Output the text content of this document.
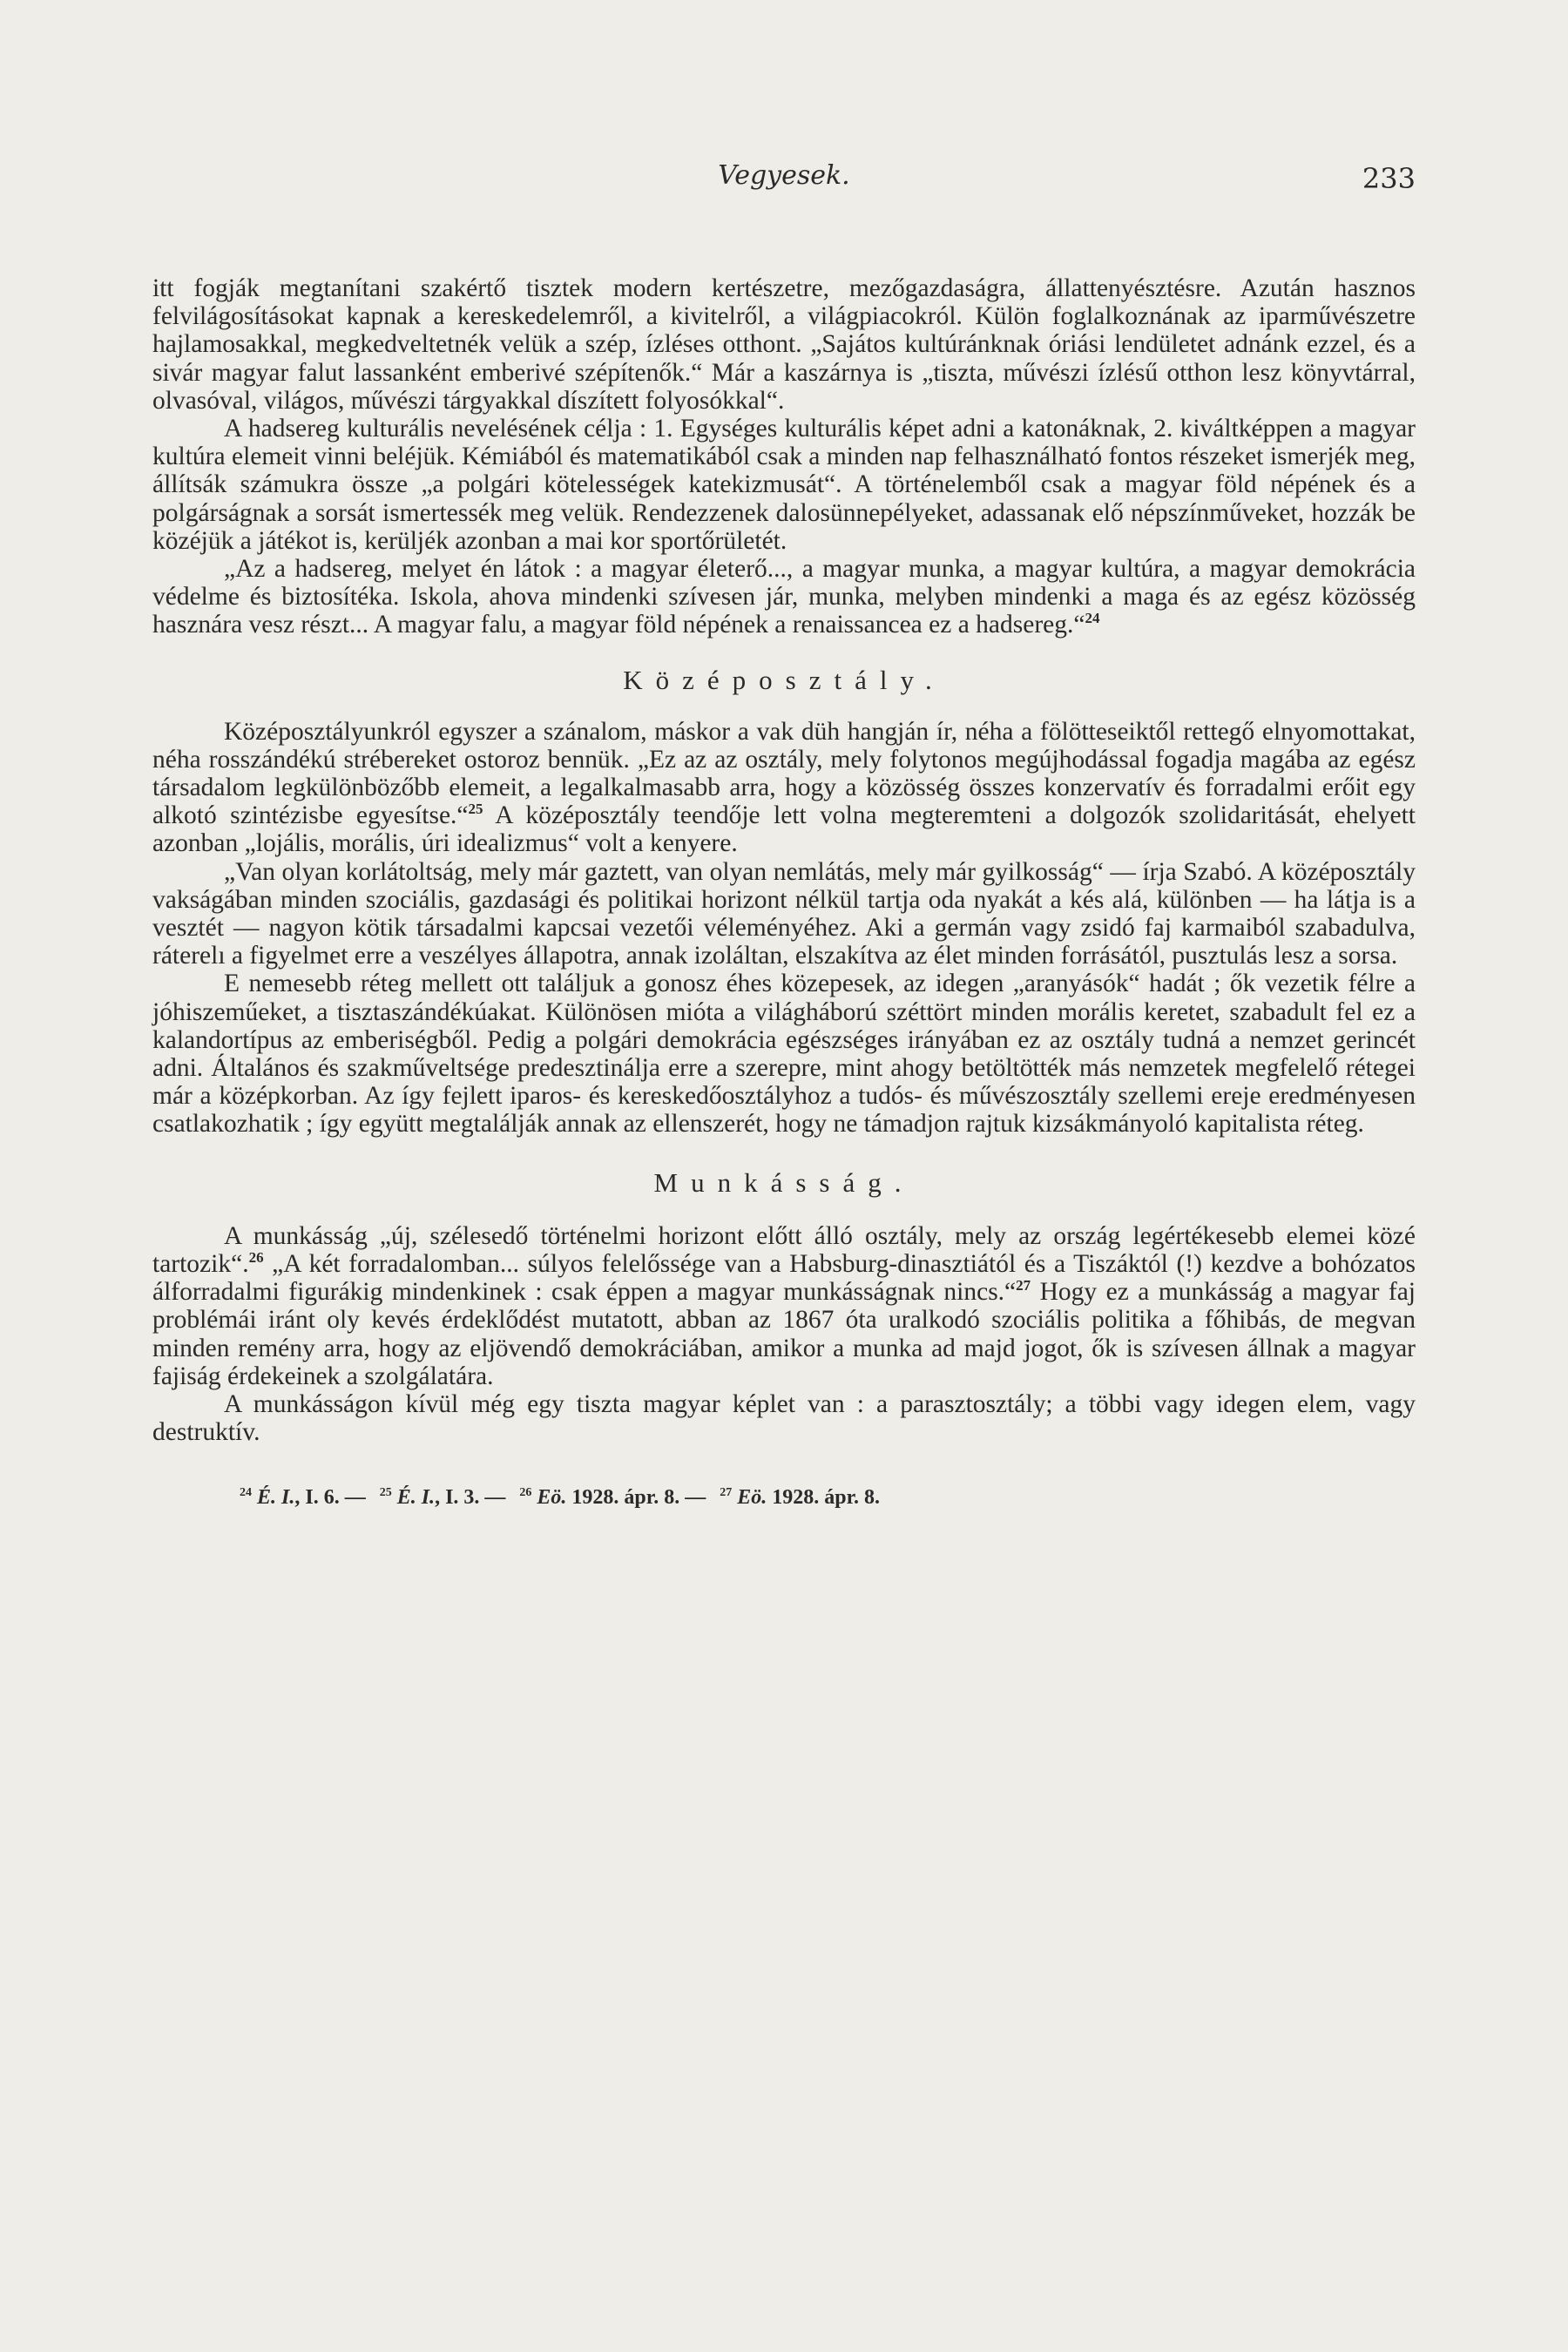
Vegyesek.	233

itt fogják megtanítani szakértő tisztek modern kertészetre, mezőgazdaságra, állattenyésztésre. Azután hasznos felvilágosításokat kapnak a kereskedelemről, a kivitelről, a világpiacokról. Külön foglalkoznának az iparművészetre hajlamosakkal, megkedveltetnék velük a szép, ízléses otthont. „Sajátos kultúránknak óriási lendületet adnánk ezzel, és a sivár magyar falut lassanként emberivé szépítenők.“ Már a kaszárnya is „tiszta, művészi ízlésű otthon lesz könyvtárral, olvasóval, világos, művészi tárgyakkal díszített folyosókkal“.

A hadsereg kulturális nevelésének célja : 1. Egységes kulturális képet adni a katonáknak, 2. kiváltképpen a magyar kultúra elemeit vinni beléjük. Kémiából és matematikából csak a minden nap felhasználható fontos részeket ismerjék meg, állítsák számukra össze „a polgári kötelességek katekizmusát“. A történelemből csak a magyar föld népének és a polgárságnak a sorsát ismertessék meg velük. Rendezzenek dalosünnepélyeket, adassanak elő népszínműveket, hozzák be közéjük a játékot is, kerüljék azonban a mai kor sportőrületét.

„Az a hadsereg, melyet én látok : a magyar életerő..., a magyar munka, a magyar kultúra, a magyar demokrácia védelme és biztosítéka. Iskola, ahova mindenki szívesen jár, munka, melyben mindenki a maga és az egész közösség hasznára vesz részt... A magyar falu, a magyar föld népének a renaissancea ez a hadsereg.“$^{24}$

Középosztály.

Középosztályunkról egyszer a szánalom, máskor a vak düh hangján ír, néha a fölötteseiktől rettegő elnyomottakat, néha rosszándékú strébereket ostoroz bennük. „Ez az az osztály, mely folytonos megújhodással fogadja magába az egész társadalom legkülönbözőbb elemeit, a legalkalmasabb arra, hogy a közösség összes konzervatív és forradalmi erőit egy alkotó szintézisbe egyesítse.“$^{25}$ A középosztály teendője lett volna megteremteni a dolgozók szolidaritását, ehelyett azonban „lojális, morális, úri idealizmus“ volt a kenyere.

„Van olyan korlátoltság, mely már gaztett, van olyan nemlátás, mely már gyilkosság“ — írja Szabó. A középosztály vakságában minden szociális, gazdasági és politikai horizont nélkül tartja oda nyakát a kés alá, különben — ha látja is a vesztét — nagyon kötik társadalmi kapcsai vezetői véleményéhez. Aki a germán vagy zsidó faj karmaiból szabadulva, ráterelı a figyelmet erre a veszélyes állapotra, annak izoláltan, elszakítva az élet minden forrásától, pusztulás lesz a sorsa.

E nemesebb réteg mellett ott találjuk a gonosz éhes közepesek, az idegen „aranyásók“ hadát ; ők vezetik félre a jóhiszeműeket, a tisztaszándékúakat. Különösen mióta a világháború széttört minden morális keretet, szabadult fel ez a kalandortípus az emberiségből. Pedig a polgári demokrácia egészséges irányában ez az osztály tudná a nemzet gerincét adni. Általános és szakműveltsége predesztinálja erre a szerepre, mint ahogy betöltötték más nemzetek megfelelő rétegei már a középkorban. Az így fejlett iparos- és kereskedőosztályhoz a tudós- és művészosztály szellemi ereje eredményesen csatlakozhatik ; így együtt megtalálják annak az ellenszerét, hogy ne támadjon rajtuk kizsákmányoló kapitalista réteg.

Munkásság.

A munkásság „új, szélesedő történelmi horizont előtt álló osztály, mely az ország legértékesebb elemei közé tartozik“.$^{26}$ „A két forradalomban... súlyos felelőssége van a Habsburg-dinasztiától és a Tiszáktól (!) kezdve a bohózatos álforradalmi figurákig mindenkinek : csak éppen a magyar munkásságnak nincs.“$^{27}$ Hogy ez a munkásság a magyar faj problémái iránt oly kevés érdeklődést mutatott, abban az 1867 óta uralkodó szociális politika a főhibás, de megvan minden remény arra, hogy az eljövendő demokráciában, amikor a munka ad majd jogot, ők is szívesen állnak a magyar fajiság érdekeinek a szolgálatára.

A munkásságon kívül még egy tiszta magyar képlet van : a parasztosztály; a többi vagy idegen elem, vagy destruktív.

$^{24}$ É. I., I. 6. — $^{25}$ É. I., I. 3. — $^{26}$ Eö. 1928. ápr. 8. — $^{27}$ Eö. 1928. ápr. 8.
